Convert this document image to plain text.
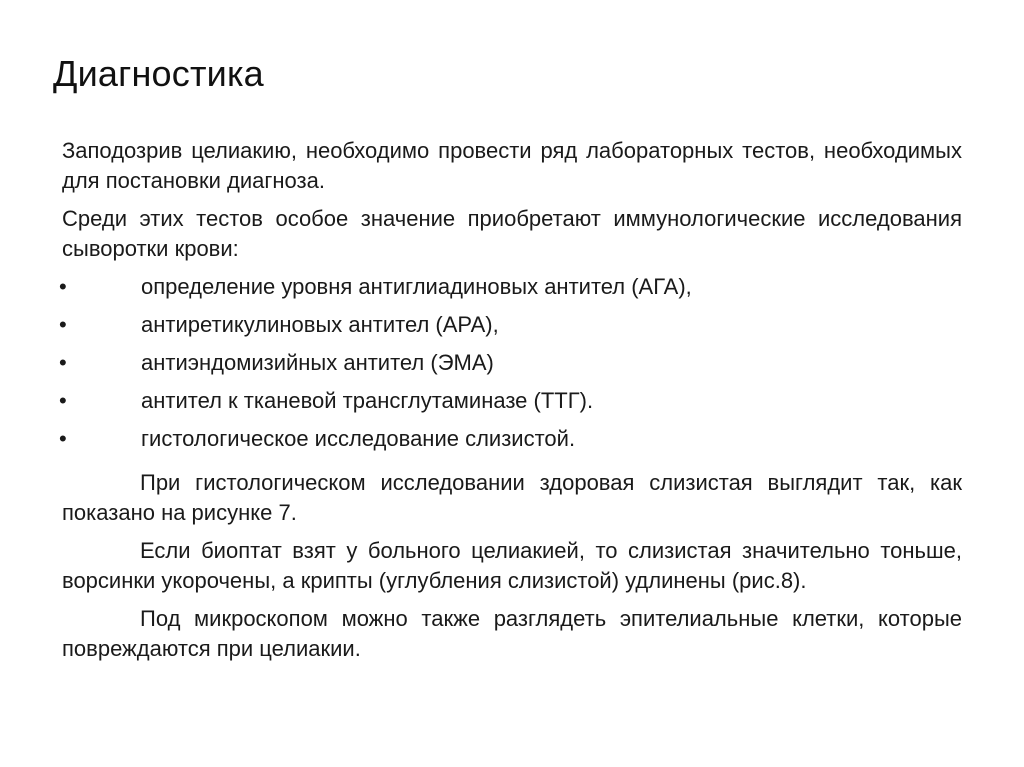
Диагностика

Заподозрив целиакию, необходимо провести ряд лабораторных тестов, необходимых для постановки диагноза.

Среди этих тестов особое значение приобретают иммунологические исследования сыворотки крови:

•	определение уровня антиглиадиновых антител (АГА),
•	антиретикулиновых антител (АРА),
•	антиэндомизийных антител (ЭМА)
•	антител к тканевой трансглутаминазе (ТТГ).
•	гистологическое исследование слизистой.

При гистологическом исследовании здоровая слизистая выглядит так, как показано на рисунке 7.

Если биоптат взят у больного целиакией, то слизистая значительно тоньше, ворсинки укорочены, а крипты (углубления слизистой) удлинены (рис.8).

Под микроскопом можно также разглядеть эпителиальные клетки, которые повреждаются при целиакии.
